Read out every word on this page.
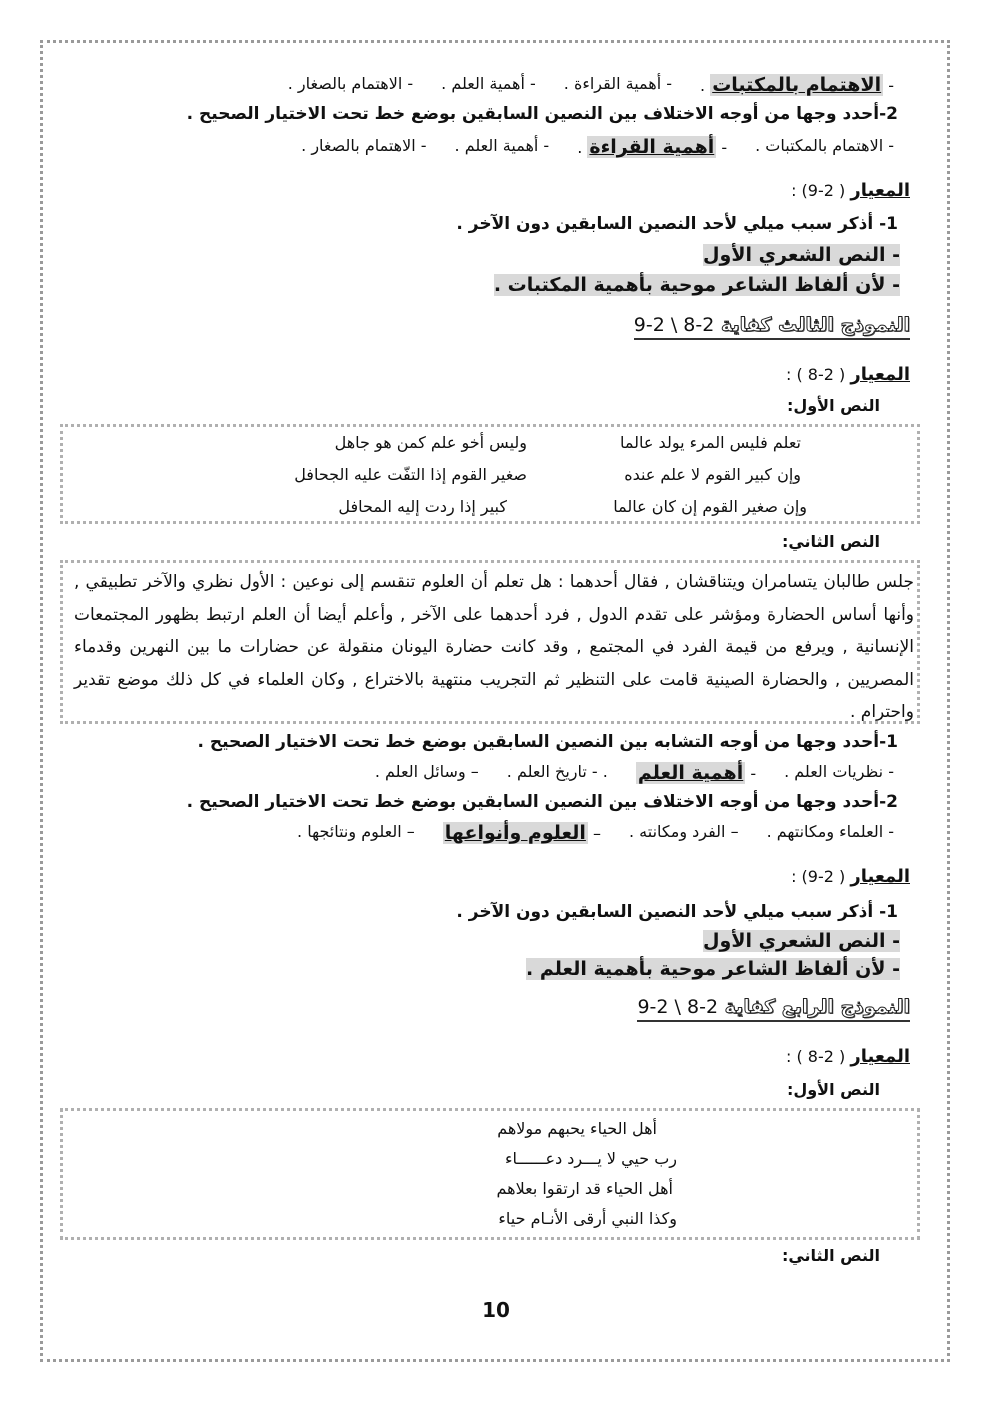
- الاهتمام بالمكتبات .
- أهمية القراءة .
- أهمية العلم .
- الاهتمام بالصغار .
2-أحدد وجها من أوجه الاختلاف بين النصين السابقين بوضع خط تحت الاختيار الصحيح .
- الاهتمام بالمكتبات .
- أهمية القراءة .
- أهمية العلم .
- الاهتمام بالصغار .
المعيار ( 2-9) :
1- أذكر سبب ميلي لأحد النصين السابقين دون الآخر .
- النص الشعري الأول
- لأن ألفاظ الشاعر موحية بأهمية المكتبات .
النموذج الثالث كفاية 2-8 \ 2-9
المعيار ( 2-8 ) :
النص الأول:
تعلم فليس المرء يولد عالما
وليس أخو علم كمن هو جاهل
وإن كبير القوم لا علم عنده
صغير القوم إذا التفّت عليه الجحافل
وإن صغير القوم إن كان عالما
كبير إذا ردت إليه المحافل
النص الثاني:
جلس طالبان يتسامران ويتناقشان , فقال أحدهما : هل تعلم أن العلوم تنقسم إلى نوعين : الأول نظري والآخر تطبيقي , وأنها أساس الحضارة ومؤشر على تقدم الدول , فرد أحدهما على الآخر , وأعلم أيضا أن العلم ارتبط بظهور المجتمعات الإنسانية , ويرفع من قيمة الفرد في المجتمع , وقد كانت حضارة اليونان منقولة عن حضارات ما بين النهرين وقدماء المصريين , والحضارة الصينية قامت على التنظير ثم التجريب منتهية بالاختراع , وكان العلماء في كل ذلك موضع تقدير واحترام .
1-أحدد وجها من أوجه التشابه بين النصين السابقين بوضع خط تحت الاختيار الصحيح .
- نظريات العلم .
- أهمية العلم
. - تاريخ العلم .
– وسائل العلم .
2-أحدد وجها من أوجه الاختلاف بين النصين السابقين بوضع خط تحت الاختيار الصحيح .
- العلماء ومكانتهم .
– الفرد ومكانته .
– العلوم وأنواعها
– العلوم ونتائجها .
المعيار ( 2-9) :
1- أذكر سبب ميلي لأحد النصين السابقين دون الآخر .
- النص الشعري الأول
- لأن ألفاظ الشاعر موحية بأهمية العلم .
النموذج الرابع كفاية 2-8 \ 2-9
المعيار ( 2-8 ) :
النص الأول:
أهل الحياء يحبهم مولاهم
رب حيي لا يـــرد دعــــــاء
أهل الحياء قد ارتقوا بعلاهم
وكذا النبي أرقى الأنـام حياء
النص الثاني:
10
